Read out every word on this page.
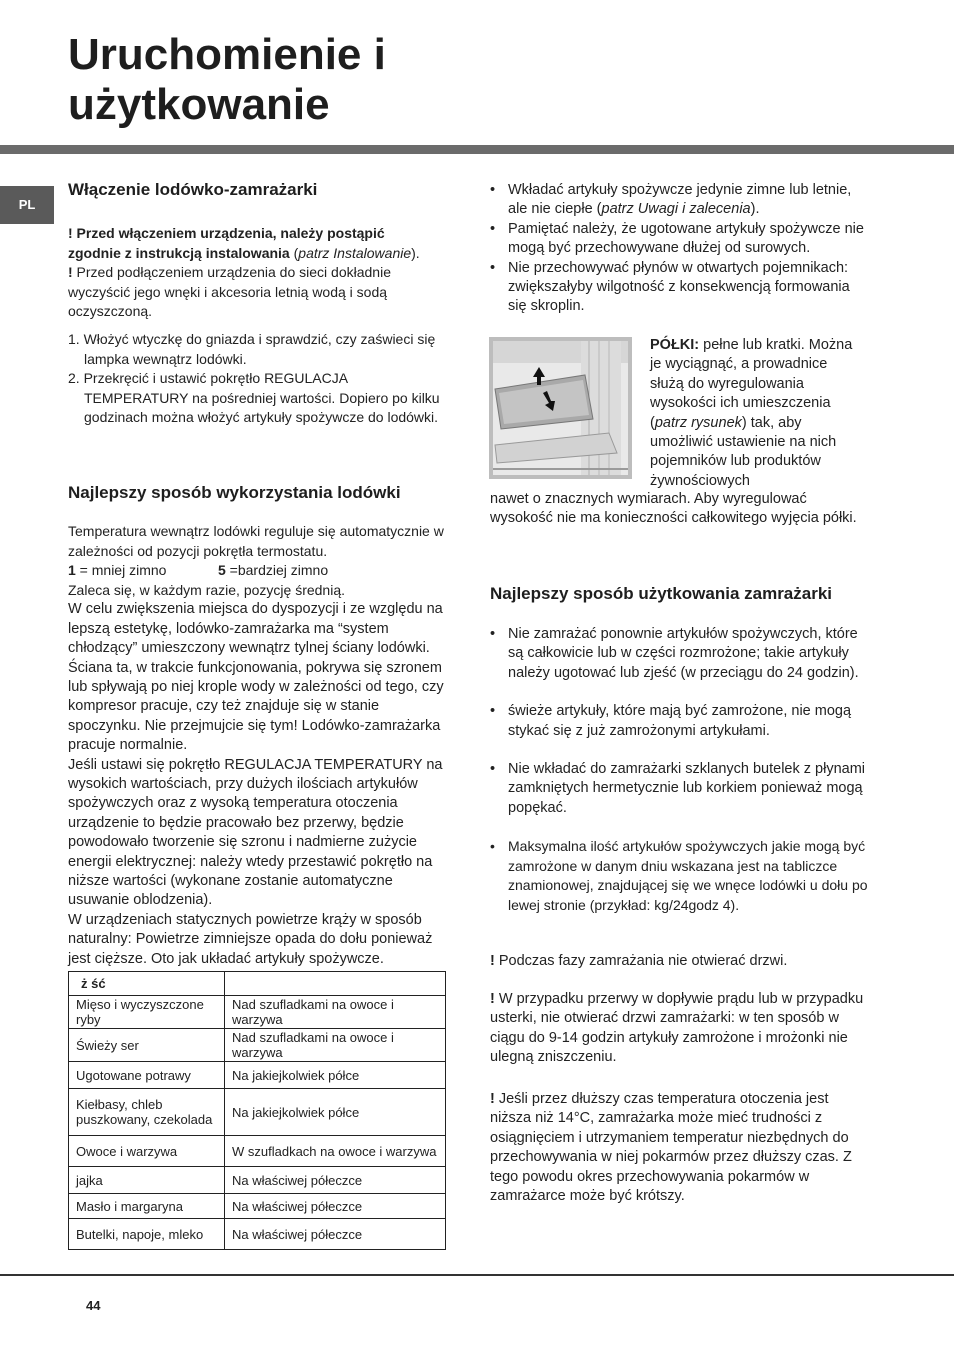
Uruchomienie i
użytkowanie
PL
Włączenie lodówko-zamrażarki

! Przed włączeniem urządzenia, należy postąpić zgodnie z instrukcją instalowania (patrz Instalowanie).

! Przed podłączeniem urządzenia do sieci dokładnie wyczyścić jego wnęki i akcesoria letnią wodą i sodą oczyszczoną.

1. Włożyć wtyczkę do gniazda i sprawdzić, czy zaświeci się lampka wewnątrz lodówki.
2. Przekręcić i ustawić pokrętło REGULACJA TEMPERATURY na pośredniej wartości. Dopiero po kilku godzinach można włożyć artykuły spożywcze do lodówki.
Najlepszy sposób wykorzystania lodówki

Temperatura wewnątrz lodówki reguluje się automatycznie w zależności od pozycji pokrętła termostatu.

1 = mniej zimno	5 =bardziej zimno

Zaleca się, w każdym razie, pozycję średnią.

W celu zwiększenia miejsca do dyspozycji i ze względu na lepszą estetykę, lodówko-zamrażarka ma “system chłodzący” umieszczony wewnątrz tylnej ściany lodówki. Ściana ta, w trakcie funkcjonowania, pokrywa się szronem lub spływają po niej krople wody w zależności od tego, czy kompresor pracuje, czy też znajduje się w stanie spoczynku. Nie przejmujcie się tym! Lodówko-zamrażarka pracuje normalnie.

Jeśli ustawi się pokrętło REGULACJA TEMPERATURY na wysokich wartościach, przy dużych ilościach artykułów spożywczych oraz z wysoką temperatura otoczenia urządzenie to będzie pracowało bez przerwy, będzie powodowało tworzenie się szronu i nadmierne zużycie energii elektrycznej: należy wtedy przestawić pokrętło na niższe wartości (wykonane zostanie automatyczne usuwanie oblodzenia).

W urządzeniach statycznych powietrze krąży w sposób naturalny: Powietrze zimniejsze opada do dołu ponieważ jest cięższe. Oto jak układać artykuły spożywcze.

ż ść	
Mięso i wyczyszczone ryby	Nad szufladkami na owoce i warzywa
Świeży ser	Nad szufladkami na owoce i warzywa
Ugotowane potrawy	Na jakiejkolwiek półce
Kiełbasy, chleb puszkowany, czekolada	Na jakiejkolwiek półce
Owoce i warzywa	W szufladkach na owoce i warzywa
jajka	Na właściwej półeczce
Masło i margaryna	Na właściwej półeczce
Butelki, napoje, mleko	Na właściwej półeczce
• Wkładać artykuły spożywcze jedynie zimne lub letnie, ale nie ciepłe (patrz Uwagi i zalecenia).
• Pamiętać należy, że ugotowane artykuły spożywcze nie mogą być przechowywane dłużej od surowych.
• Nie przechowywać płynów w otwartych pojemnikach: zwiększałyby wilgotność z konsekwencją formowania się skroplin.

PÓŁKI: pełne lub kratki. Można je wyciągnąć, a prowadnice służą do wyregulowania wysokości ich umieszczenia (patrz rysunek) tak, aby umożliwić ustawienie na nich pojemników lub produktów żywnościowych

nawet o znacznych wymiarach. Aby wyregulować wysokość nie ma konieczności całkowitego wyjęcia półki.

Najlepszy sposób użytkowania zamrażarki
• Nie zamrażać ponownie artykułów spożywczych, które są całkowicie lub w części rozmrożone; takie artykuły należy ugotować lub zjeść (w przeciągu do 24 godzin).
• świeże artykuły, które mają być zamrożone, nie mogą stykać się z już zamrożonymi artykułami.
• Nie wkładać do zamrażarki szklanych butelek z płynami zamkniętych hermetycznie lub korkiem ponieważ mogą popękać.
• Maksymalna ilość artykułów spożywczych jakie mogą być zamrożone w danym dniu wskazana jest na tabliczce znamionowej, znajdującej się we wnęce lodówki u dołu po lewej stronie (przykład: kg/24godz 4).

! Podczas fazy zamrażania nie otwierać drzwi.

! W przypadku przerwy w dopływie prądu lub w przypadku usterki, nie otwierać drzwi zamrażarki: w ten sposób w ciągu do 9-14 godzin artykuły zamrożone i mrożonki nie ulegną zniszczeniu.

! Jeśli przez dłuższy czas temperatura otoczenia jest niższa niż 14°C, zamrażarka może mieć trudności z osiągnięciem i utrzymaniem temperatur niezbędnych do przechowywania w niej pokarmów przez dłuższy czas. Z tego powodu okres przechowywania pokarmów w zamrażarce może być krótszy.

44
